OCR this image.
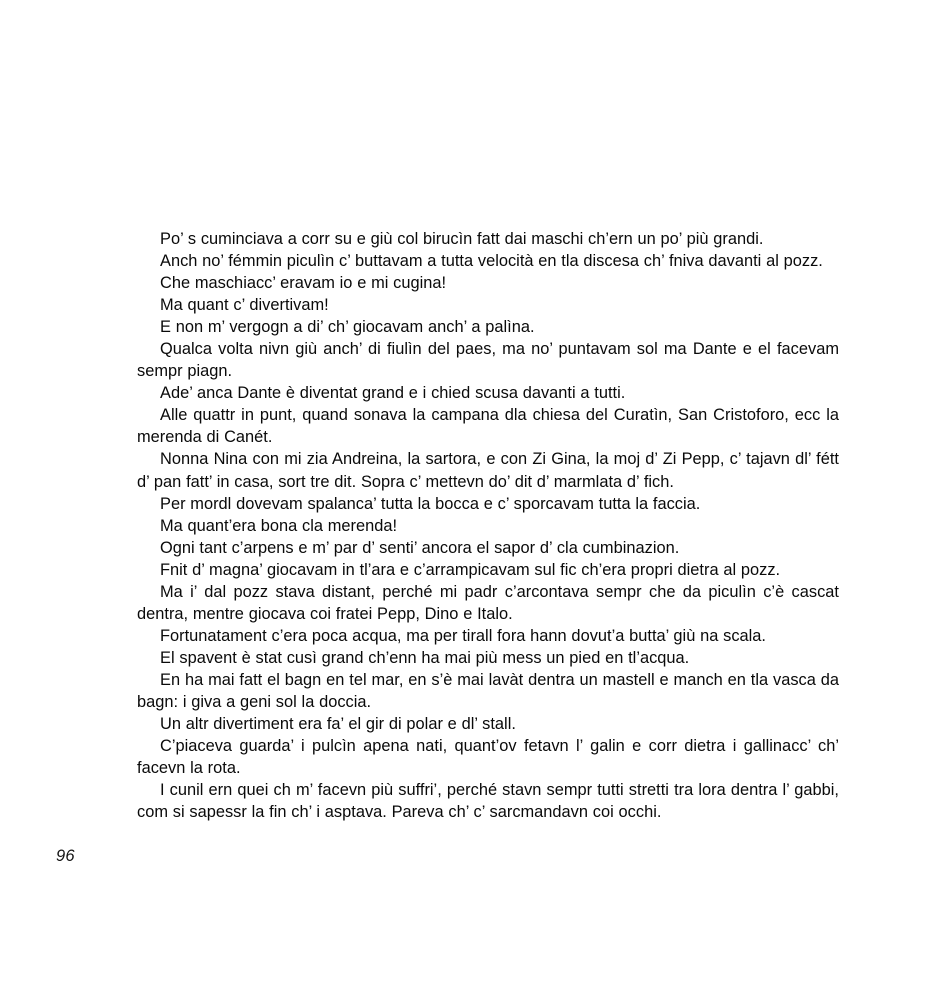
Po’ s cuminciava a corr su e giù col birucìn fatt dai maschi ch’ern un po’ più grandi.

Anch no’ fémmin piculìn c’ buttavam a tutta velocità en tla discesa ch’ fniva davanti al pozz.

Che maschiacc’ eravam io e mi cugina!

Ma quant c’ divertivam!

E non m’ vergogn a di’ ch’ giocavam anch’ a palìna.

Qualca volta nivn giù anch’ di fiulìn del paes, ma no’ puntavam sol ma Dante e el facevam sempr piagn.

Ade’ anca Dante è diventat grand e i chied scusa davanti a tutti.

Alle quattr in punt, quand sonava la campana dla chiesa del Curatìn, San Cristoforo, ecc la merenda di Canét.

Nonna Nina con mi zia Andreina, la sartora, e con Zi Gina, la moj d’ Zi Pepp, c’ tajavn dl’ fétt d’ pan fatt’ in casa, sort tre dit. Sopra c’ mettevn do’ dit d’ marmlata d’ fich.

Per mordl dovevam spalanca’ tutta la bocca e c’ sporcavam tutta la faccia.

Ma quant’era bona cla merenda!

Ogni tant c’arpens e m’ par d’ senti’ ancora el sapor d’ cla cumbinazion.

Fnit d’ magna’ giocavam in tl’ara e c’arrampicavam sul fic ch’era propri dietra al pozz.

Ma i’ dal pozz stava distant, perché mi padr c’arcontava sempr che da piculìn c’è cascat dentra, mentre giocava coi fratei Pepp, Dino e Italo.

Fortunatament c’era poca acqua, ma per tirall fora hann dovut’a butta’ giù na scala.

El spavent è stat cusì grand ch’enn ha mai più mess un pied en tl’acqua.

En ha mai fatt el bagn en tel mar, en s’è mai lavàt dentra un mastell e manch en tla vasca da bagn: i giva a geni sol la doccia.

Un altr divertiment era fa’ el gir di polar e dl’ stall.

C’piaceva guarda’ i pulcìn apena nati, quant’ov fetavn l’ galin e corr dietra i gallinacc’ ch’ facevn la rota.

I cunil ern quei ch m’ facevn più suffri’, perché stavn sempr tutti stretti tra lora dentra l’ gabbi, com si sapessr la fin ch’ i asptava. Pareva ch’ c’ sarcmandavn coi occhi.

96
